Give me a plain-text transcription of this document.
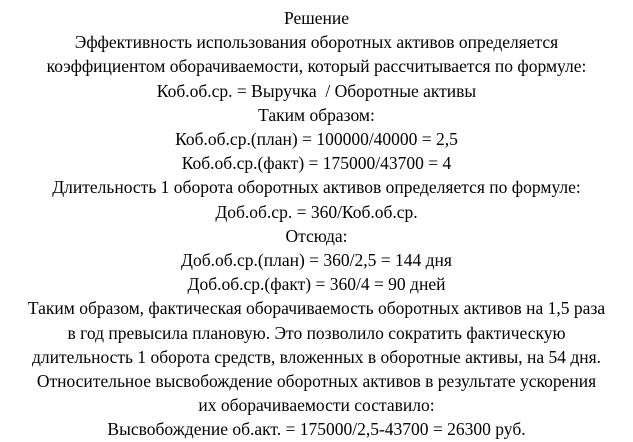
Решение
Эффективность использования оборотных активов определяется
коэффициентом оборачиваемости, который рассчитывается по формуле:
Коб.об.ср. = Выручка  / Оборотные активы
Таким образом:
Коб.об.ср.(план) = 100000/40000 = 2,5
Коб.об.ср.(факт) = 175000/43700 = 4
Длительность 1 оборота оборотных активов определяется по формуле:
Доб.об.ср. = 360/Коб.об.ср.
Отсюда:
Доб.об.ср.(план) = 360/2,5 = 144 дня
Доб.об.ср.(факт) = 360/4 = 90 дней
Таким образом, фактическая оборачиваемость оборотных активов на 1,5 раза
в год превысила плановую. Это позволило сократить фактическую
длительность 1 оборота средств, вложенных в оборотные активы, на 54 дня.
Относительное высвобождение оборотных активов в результате ускорения
их оборачиваемости составило:
Высвобождение об.акт. = 175000/2,5-43700 = 26300 руб.
